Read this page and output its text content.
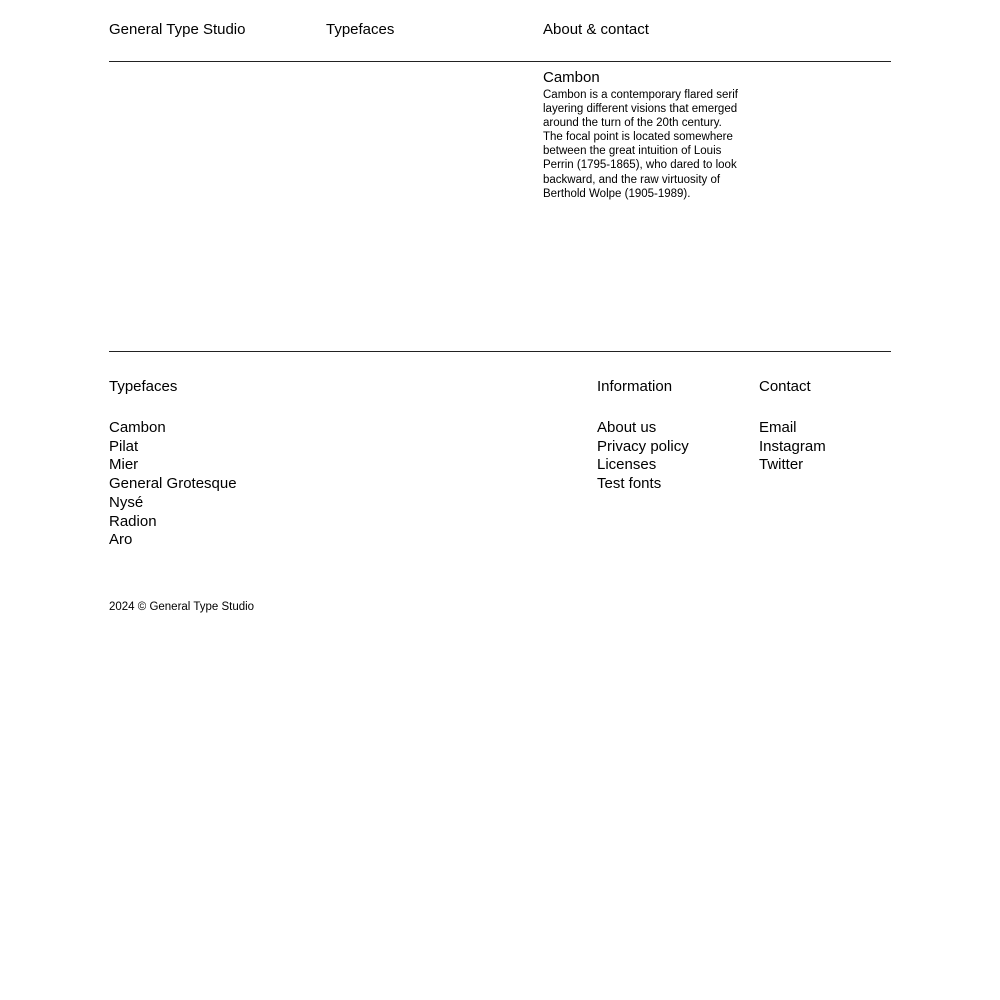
General Type Studio	Typefaces	About & contact
Cambon

Cambon is a contemporary flared serif layering different visions that emerged around the turn of the 20th century. The focal point is located somewhere between the great intuition of Louis Perrin (1795-1865), who dared to look backward, and the raw virtuosity of Berthold Wolpe (1905-1989).

Typefaces
Cambon
Pilat
Mier
General Grotesque
Nysé
Radion
Aro
Information
About us
Privacy policy
Licenses
Test fonts
Contact
Email
Instagram
Twitter
2024 © General Type Studio
